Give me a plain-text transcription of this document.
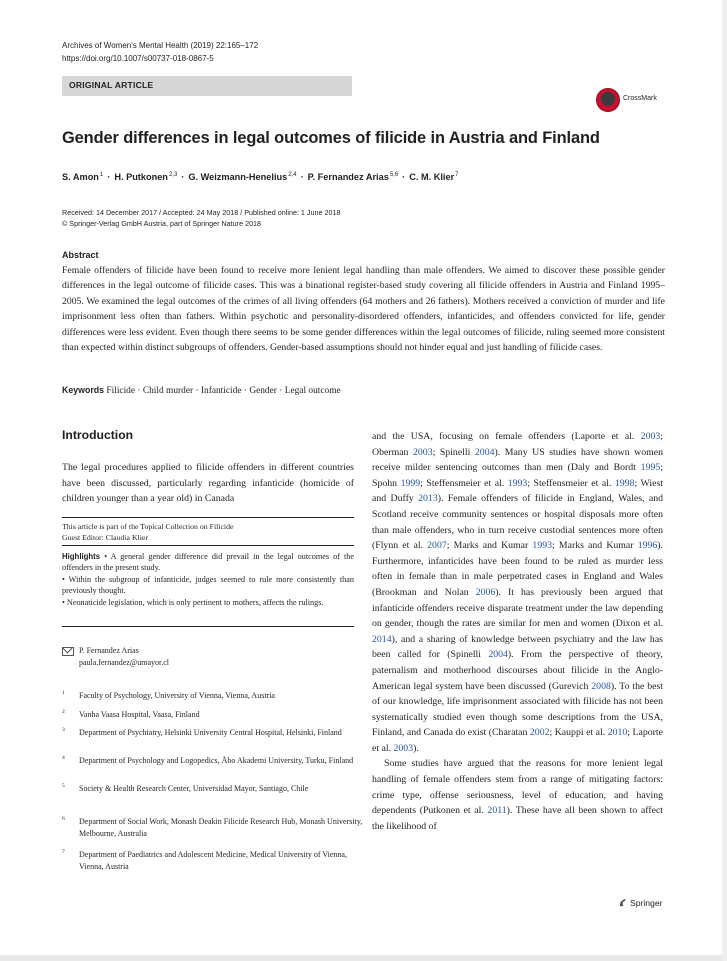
Archives of Women's Mental Health (2019) 22:165–172
https://doi.org/10.1007/s00737-018-0867-5
ORIGINAL ARTICLE
CrossMark
Gender differences in legal outcomes of filicide in Austria and Finland
S. Amon$^1$ · H. Putkonen$^{2,3}$ · G. Weizmann-Henelius$^{2,4}$ · P. Fernandez Arias$^{5,6}$ · C. M. Klier$^7$
Received: 14 December 2017 / Accepted: 24 May 2018 / Published online: 1 June 2018
© Springer-Verlag GmbH Austria, part of Springer Nature 2018
Abstract
Female offenders of filicide have been found to receive more lenient legal handling than male offenders. We aimed to discover these possible gender differences in the legal outcome of filicide cases. This was a binational register-based study covering all filicide offenders in Austria and Finland 1995–2005. We examined the legal outcomes of the crimes of all living offenders (64 mothers and 26 fathers). Mothers received a conviction of murder and life imprisonment less often than fathers. Within psychotic and personality-disordered offenders, infanticides, and offenders convicted for life, gender differences were less evident. Even though there seems to be some gender differences within the legal outcomes of filicide, ruling seemed more consistent than expected within distinct subgroups of offenders. Gender-based assumptions should not hinder equal and just handling of filicide cases.
Keywords Filicide · Child murder · Infanticide · Gender · Legal outcome
Introduction
The legal procedures applied to filicide offenders in different countries have been discussed, particularly regarding infanticide (homicide of children younger than a year old) in Canada
This article is part of the Topical Collection on Filicide
Guest Editor: Claudia Klier
Highlights • A general gender difference did prevail in the legal outcomes of the offenders in the present study.
• Within the subgroup of infanticide, judges seemed to rule more consistently than previously thought.
• Neonaticide legislation, which is only pertinent to mothers, affects the rulings.
P. Fernandez Arias
paula.fernandez@umayor.cl
1 Faculty of Psychology, University of Vienna, Vienna, Austria
2 Vanha Vaasa Hospital, Vaasa, Finland
3 Department of Psychiatry, Helsinki University Central Hospital, Helsinki, Finland
4 Department of Psychology and Logopedics, Åbo Akademi University, Turku, Finland
5 Society & Health Research Center, Universidad Mayor, Santiago, Chile
6 Department of Social Work, Monash Deakin Filicide Research Hub, Monash University, Melbourne, Australia
7 Department of Paediatrics and Adolescent Medicine, Medical University of Vienna, Vienna, Austria

and the USA, focusing on female offenders (Laporte et al. 2003; Oberman 2003; Spinelli 2004). Many US studies have shown women receive milder sentencing outcomes than men (Daly and Bordt 1995; Spohn 1999; Steffensmeier et al. 1993; Steffensmeier et al. 1998; Wiest and Duffy 2013). Female offenders of filicide in England, Wales, and Scotland receive community sentences or hospital disposals more often than male offenders, who in turn receive custodial sentences more often (Flynn et al. 2007; Marks and Kumar 1993; Marks and Kumar 1996). Furthermore, infanticides have been found to be ruled as murder less often in female than in male perpetrated cases in England and Wales (Brookman and Nolan 2006). It has previously been argued that infanticide offenders receive disparate treatment under the law depending on gender, though the rates are similar for men and women (Dixon et al. 2014), and a sharing of knowledge between psychiatry and the law has been called for (Spinelli 2004). From the perspective of theory, paternalism and motherhood discourses about filicide in the Anglo-American legal system have been discussed (Gurevich 2008). To the best of our knowledge, life imprisonment associated with filicide has not been systematically studied even though some descriptions from the USA, Finland, and Canada do exist (Charatan 2002; Kauppi et al. 2010; Laporte et al. 2003).

Some studies have argued that the reasons for more lenient legal handling of female offenders stem from a range of mitigating factors: crime type, offense seriousness, level of education, and having dependents (Putkonen et al. 2011). These have all been shown to affect the likelihood of

Springer
